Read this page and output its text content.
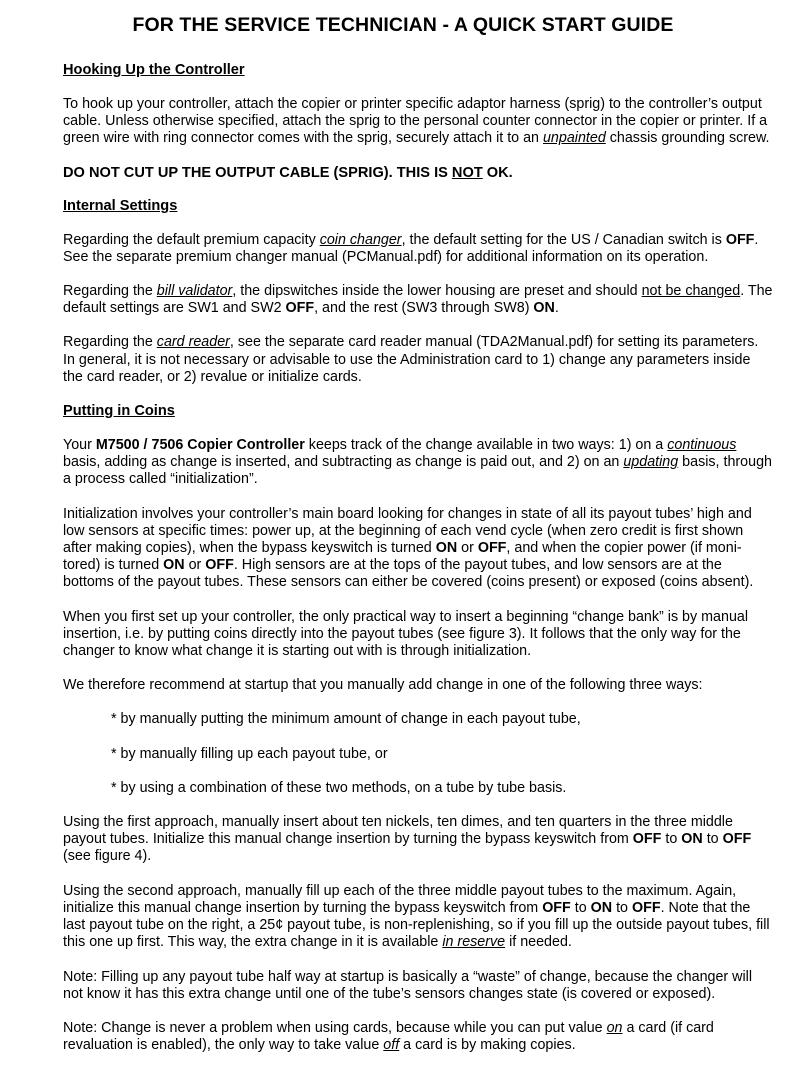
FOR THE SERVICE TECHNICIAN - A QUICK START GUIDE
Hooking Up the Controller

To hook up your controller, attach the copier or printer specific adaptor harness (sprig) to the controller’s output cable. Unless otherwise specified, attach the sprig to the personal counter connector in the copier or printer. If a green wire with ring connector comes with the sprig, securely attach it to an unpainted chassis grounding screw.

DO NOT CUT UP THE OUTPUT CABLE (SPRIG). THIS IS NOT OK.
Internal Settings

Regarding the default premium capacity coin changer, the default setting for the US / Canadian switch is OFF. See the separate premium changer manual (PCManual.pdf) for additional information on its operation.

Regarding the bill validator, the dipswitches inside the lower housing are preset and should not be changed. The default settings are SW1 and SW2 OFF, and the rest (SW3 through SW8) ON.

Regarding the card reader, see the separate card reader manual (TDA2Manual.pdf) for setting its parameters. In general, it is not necessary or advisable to use the Administration card to 1) change any parameters inside the card reader, or 2) revalue or initialize cards.

Putting in Coins

Your M7500 / 7506 Copier Controller keeps track of the change available in two ways: 1) on a continuous basis, adding as change is inserted, and subtracting as change is paid out, and 2) on an updating basis, through a process called “initialization”.

Initialization involves your controller’s main board looking for changes in state of all its payout tubes’ high and low sensors at specific times: power up, at the beginning of each vend cycle (when zero credit is first shown after making copies), when the bypass keyswitch is turned ON or OFF, and when the copier power (if moni-tored) is turned ON or OFF. High sensors are at the tops of the payout tubes, and low sensors are at the bottoms of the payout tubes. These sensors can either be covered (coins present) or exposed (coins absent).

When you first set up your controller, the only practical way to insert a beginning “change bank” is by manual insertion, i.e. by putting coins directly into the payout tubes (see figure 3). It follows that the only way for the changer to know what change it is starting out with is through initialization.

We therefore recommend at startup that you manually add change in one of the following three ways:

* by manually putting the minimum amount of change in each payout tube,
* by manually filling up each payout tube, or
* by using a combination of these two methods, on a tube by tube basis.

Using the first approach, manually insert about ten nickels, ten dimes, and ten quarters in the three middle payout tubes. Initialize this manual change insertion by turning the bypass keyswitch from OFF to ON to OFF (see figure 4).

Using the second approach, manually fill up each of the three middle payout tubes to the maximum. Again, initialize this manual change insertion by turning the bypass keyswitch from OFF to ON to OFF. Note that the last payout tube on the right, a 25¢ payout tube, is non-replenishing, so if you fill up the outside payout tubes, fill this one up first. This way, the extra change in it is available in reserve if needed.

Note: Filling up any payout tube half way at startup is basically a “waste” of change, because the changer will not know it has this extra change until one of the tube’s sensors changes state (is covered or exposed).

Note: Change is never a problem when using cards, because while you can put value on a card (if card revaluation is enabled), the only way to take value off a card is by making copies.
